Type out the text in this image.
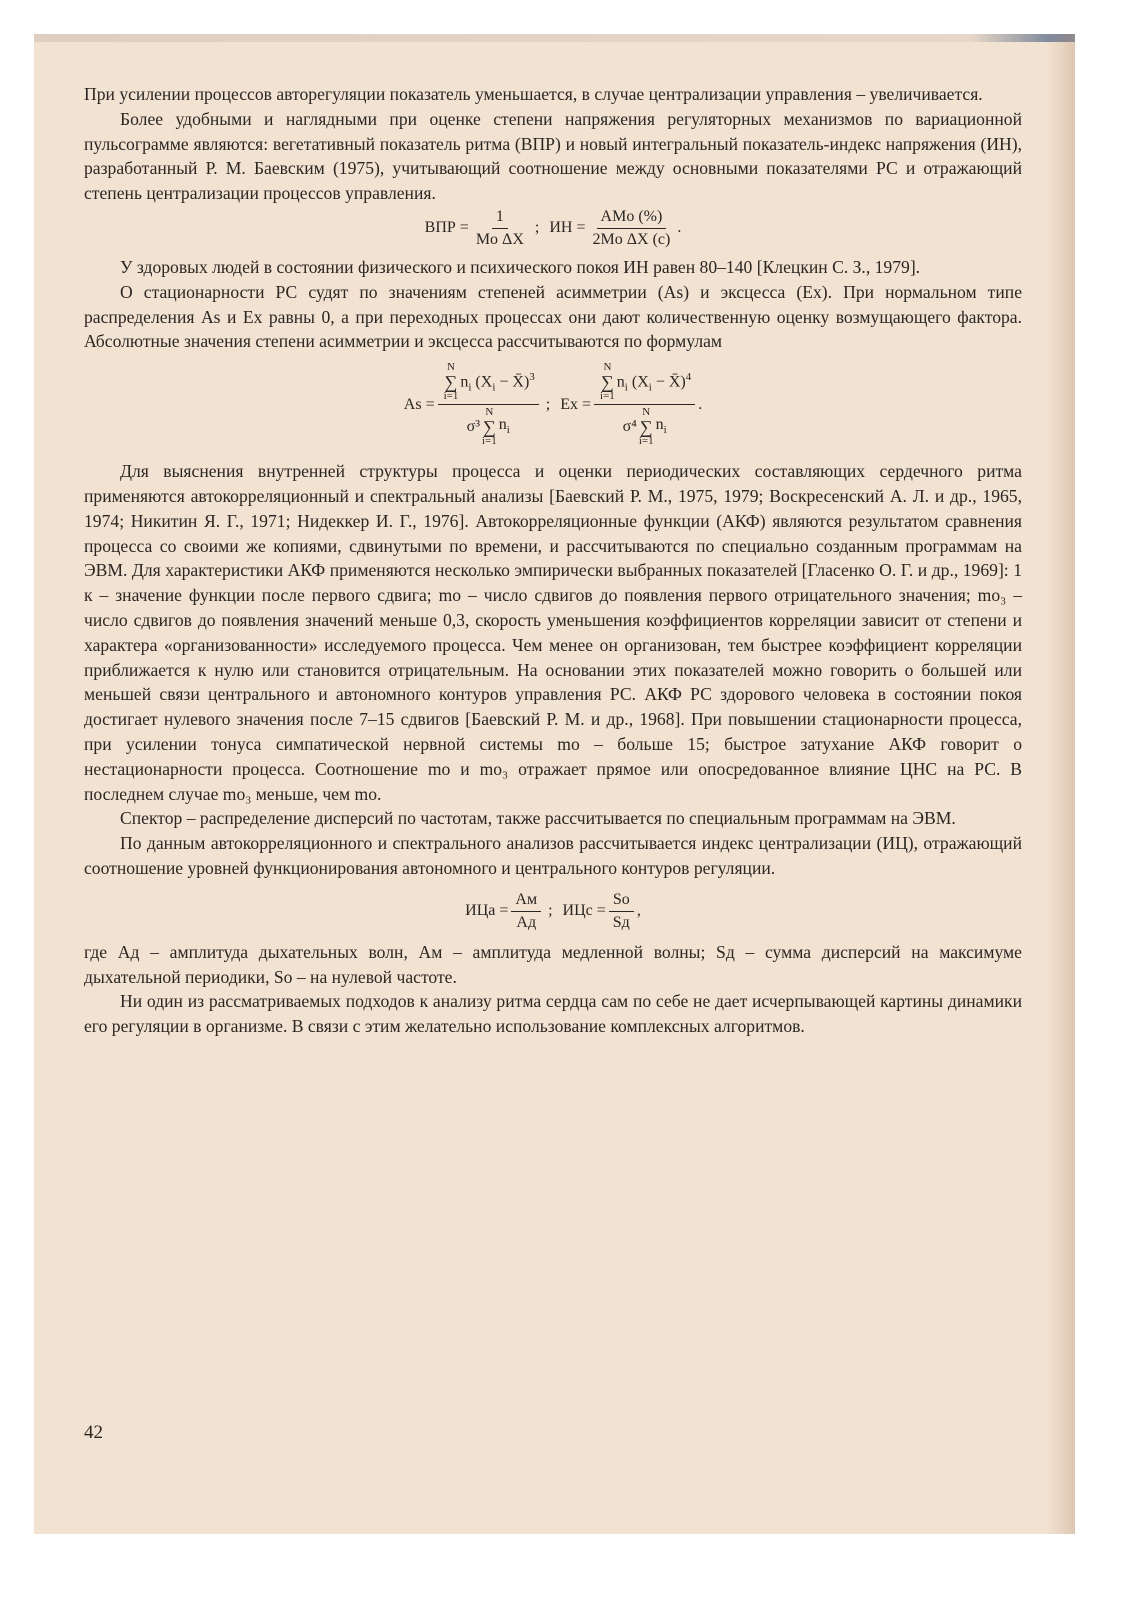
При усилении процессов авторегуляции показатель уменьшается, в случае централизации управления – увеличивается.

Более удобными и наглядными при оценке степени напряжения регуляторных механизмов по вариационной пульсограмме являются: вегетативный показатель ритма (ВПР) и новый интегральный показатель-индекс напряжения (ИН), разработанный Р. М. Баевским (1975), учитывающий соотношение между основными показателями РС и отражающий степень централизации процессов управления.

ВПР = $\frac{1}{\text{Mo ΔX}}$ ; ИН = $\frac{\text{AMo (\%)}}{\text{2Mo ΔX (c)}}$ .

У здоровых людей в состоянии физического и психического покоя ИН равен 80–140 [Клецкин С. З., 1979].

О стационарности РС судят по значениям степеней асимметрии (As) и эксцесса (Ex). При нормальном типе распределения As и Ex равны 0, а при переходных процессах они дают количественную оценку возмущающего фактора. Абсолютные значения степени асимметрии и эксцесса рассчитываются по формулам

As =
N
∑
i=1
$n_i$ ($X_i$ − X̄)$^3$
σ³
N
∑
i=1
$n_i$
; Ex =
N
∑
i=1
$n_i$ ($X_i$ − X̄)$^4$
σ⁴
N
∑
i=1
$n_i$
.

Для выяснения внутренней структуры процесса и оценки периодических составляющих сердечного ритма применяются автокорреляционный и спектральный анализы [Баевский Р. М., 1975, 1979; Воскресенский А. Л. и др., 1965, 1974; Никитин Я. Г., 1971; Нидеккер И. Г., 1976]. Автокорреляционные функции (АКФ) являются результатом сравнения процесса со своими же копиями, сдвинутыми по времени, и рассчитываются по специально созданным программам на ЭВМ. Для характеристики АКФ применяются несколько эмпирически выбранных показателей [Гласенко О. Г. и др., 1969]: 1 к – значение функции после первого сдвига; mo – число сдвигов до появления первого отрицательного значения; mo₃ – число сдвигов до появления значений меньше 0,3, скорость уменьшения коэффициентов корреляции зависит от степени и характера «организованности» исследуемого процесса. Чем менее он организован, тем быстрее коэффициент корреляции приближается к нулю или становится отрицательным. На основании этих показателей можно говорить о большей или меньшей связи центрального и автономного контуров управления РС. АКФ РС здорового человека в состоянии покоя достигает нулевого значения после 7–15 сдвигов [Баевский Р. М. и др., 1968]. При повышении стационарности процесса, при усилении тонуса симпатической нервной системы mo – больше 15; быстрое затухание АКФ говорит о нестационарности процесса. Соотношение mo и mo₃ отражает прямое или опосредованное влияние ЦНС на РС. В последнем случае mo₃ меньше, чем mo.

Спектор – распределение дисперсий по частотам, также рассчитывается по специальным программам на ЭВМ.

По данным автокорреляционного и спектрального анализов рассчитывается индекс централизации (ИЦ), отражающий соотношение уровней функционирования автономного и центрального контуров регуляции.

ИЦа = $\frac{Ам}{Ад}$ ; ИЦс = $\frac{So}{Sд}$ ,

где Ад – амплитуда дыхательных волн, Ам – амплитуда медленной волны; Sд – сумма дисперсий на максимуме дыхательной периодики, So – на нулевой частоте.

Ни один из рассматриваемых подходов к анализу ритма сердца сам по себе не дает исчерпывающей картины динамики его регуляции в организме. В связи с этим желательно использование комплексных алгоритмов.

42
